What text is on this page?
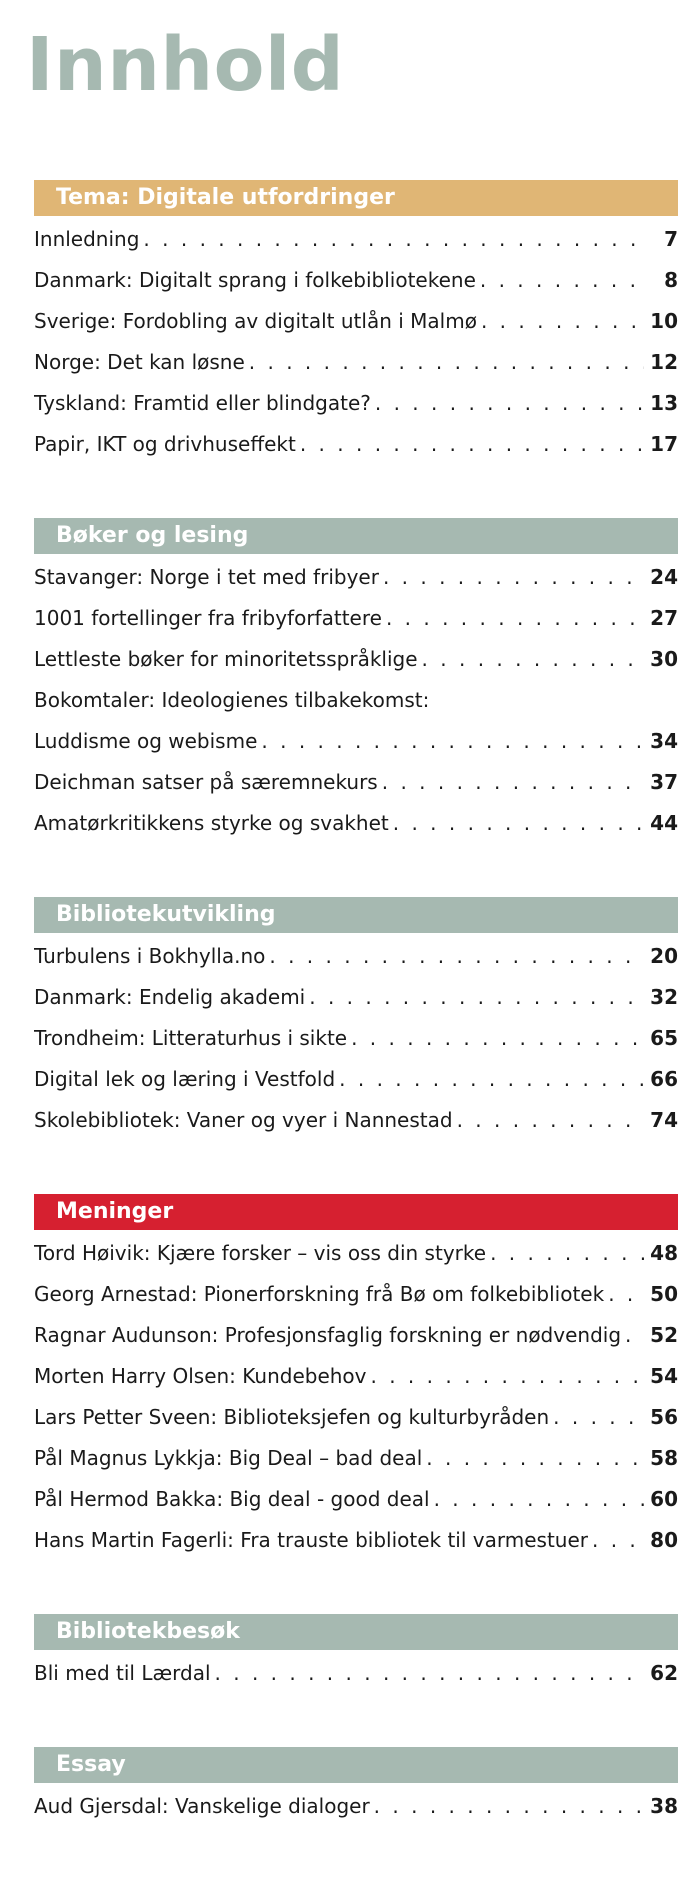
Innhold
Tema: Digitale utfordringer
Innledning . . .	7
Danmark: Digitalt sprang i folkebibliotekene . . .	8
Sverige: Fordobling av digitalt utlån i Malmø . . .	10
Norge: Det kan løsne . . .	12
Tyskland: Framtid eller blindgate? . . .	13
Papir, IKT og drivhuseffekt . . .	17
Bøker og lesing
Stavanger: Norge i tet med fribyer . . .	24
1001 fortellinger fra fribyforfattere . . .	27
Lettleste bøker for minoritetsspråklige . . .	30
Bokomtaler: Ideologienes tilbakekomst:
Luddisme og webisme . . .	34
Deichman satser på særemnekurs . . .	37
Amatørkritikkens styrke og svakhet . . .	44
Bibliotekutvikling
Turbulens i Bokhylla.no . . .	20
Danmark: Endelig akademi . . .	32
Trondheim: Litteraturhus i sikte . . .	65
Digital lek og læring i Vestfold . . .	66
Skolebibliotek: Vaner og vyer i Nannestad . . .	74
Meninger
Tord Høivik: Kjære forsker – vis oss din styrke . . .	48
Georg Arnestad: Pionerforskning frå Bø om folkebibliotek . . .	50
Ragnar Audunson: Profesjonsfaglig forskning er nødvendig . . .	52
Morten Harry Olsen: Kundebehov . . .	54
Lars Petter Sveen: Biblioteksjefen og kulturbyråden . . .	56
Pål Magnus Lykkja: Big Deal – bad deal . . .	58
Pål Hermod Bakka: Big deal - good deal . . .	60
Hans Martin Fagerli: Fra trauste bibliotek til varmestuer . . .	80
Bibliotekbesøk
Bli med til Lærdal . . .	62
Essay
Aud Gjersdal: Vanskelige dialoger . . .	38
